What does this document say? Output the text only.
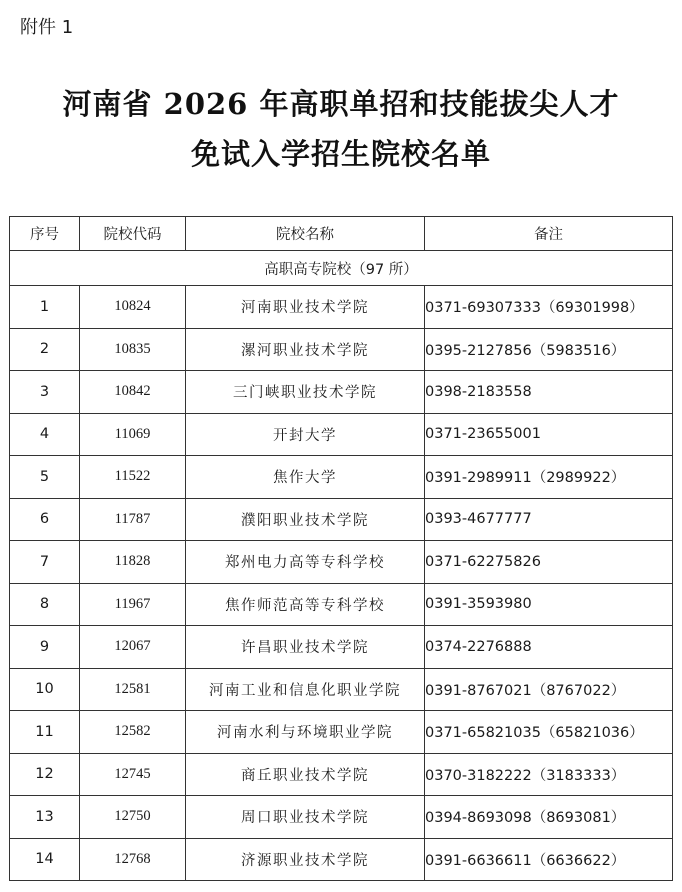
附件 1
河南省 2026 年高职单招和技能拔尖人才
免试入学招生院校名单
序号	院校代码	院校名称	备注
高职高专院校（97 所）			
1	10824	河南职业技术学院	0371-69307333（69301998）
2	10835	漯河职业技术学院	0395-2127856（5983516）
3	10842	三门峡职业技术学院	0398-2183558
4	11069	开封大学	0371-23655001
5	11522	焦作大学	0391-2989911（2989922）
6	11787	濮阳职业技术学院	0393-4677777
7	11828	郑州电力高等专科学校	0371-62275826
8	11967	焦作师范高等专科学校	0391-3593980
9	12067	许昌职业技术学院	0374-2276888
10	12581	河南工业和信息化职业学院	0391-8767021（8767022）
11	12582	河南水利与环境职业学院	0371-65821035（65821036）
12	12745	商丘职业技术学院	0370-3182222（3183333）
13	12750	周口职业技术学院	0394-8693098（8693081）
14	12768	济源职业技术学院	0391-6636611（6636622）
